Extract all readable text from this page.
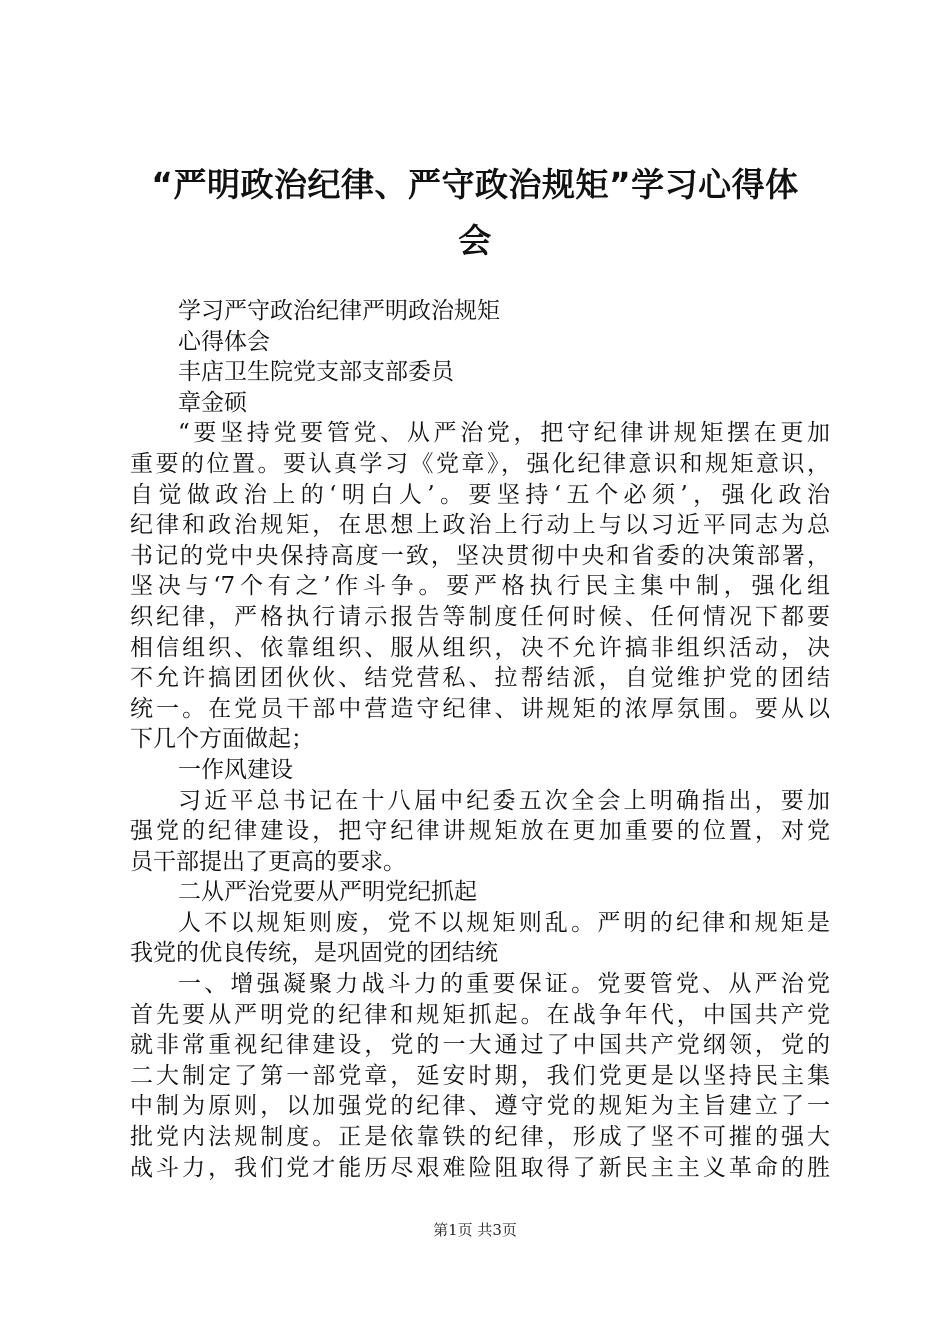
“严明政治纪律、严守政治规矩”学习心得体
会
学习严守政治纪律严明政治规矩
心得体会
丰店卫生院党支部支部委员
章金硕
“要坚持党要管党、从严治党，把守纪律讲规矩摆在更加
重要的位置。要认真学习《党章》，强化纪律意识和规矩意识，
自觉做政治上的‘明白人’。要坚持‘五个必须’，强化政治
纪律和政治规矩，在思想上政治上行动上与以习近平同志为总
书记的党中央保持高度一致，坚决贯彻中央和省委的决策部署，
坚决与‘7个有之’作斗争。要严格执行民主集中制，强化组
织纪律，严格执行请示报告等制度任何时候、任何情况下都要
相信组织、依靠组织、服从组织，决不允许搞非组织活动，决
不允许搞团团伙伙、结党营私、拉帮结派，自觉维护党的团结
统一。在党员干部中营造守纪律、讲规矩的浓厚氛围。要从以
下几个方面做起；
一作风建设
习近平总书记在十八届中纪委五次全会上明确指出，要加
强党的纪律建设，把守纪律讲规矩放在更加重要的位置，对党
员干部提出了更高的要求。
二从严治党要从严明党纪抓起
人不以规矩则废，党不以规矩则乱。严明的纪律和规矩是
我党的优良传统，是巩固党的团结统
一、增强凝聚力战斗力的重要保证。党要管党、从严治党
首先要从严明党的纪律和规矩抓起。在战争年代，中国共产党
就非常重视纪律建设，党的一大通过了中国共产党纲领，党的
二大制定了第一部党章，延安时期，我们党更是以坚持民主集
中制为原则，以加强党的纪律、遵守党的规矩为主旨建立了一
批党内法规制度。正是依靠铁的纪律，形成了坚不可摧的强大
战斗力，我们党才能历尽艰难险阻取得了新民主主义革命的胜
第1页 共3页
